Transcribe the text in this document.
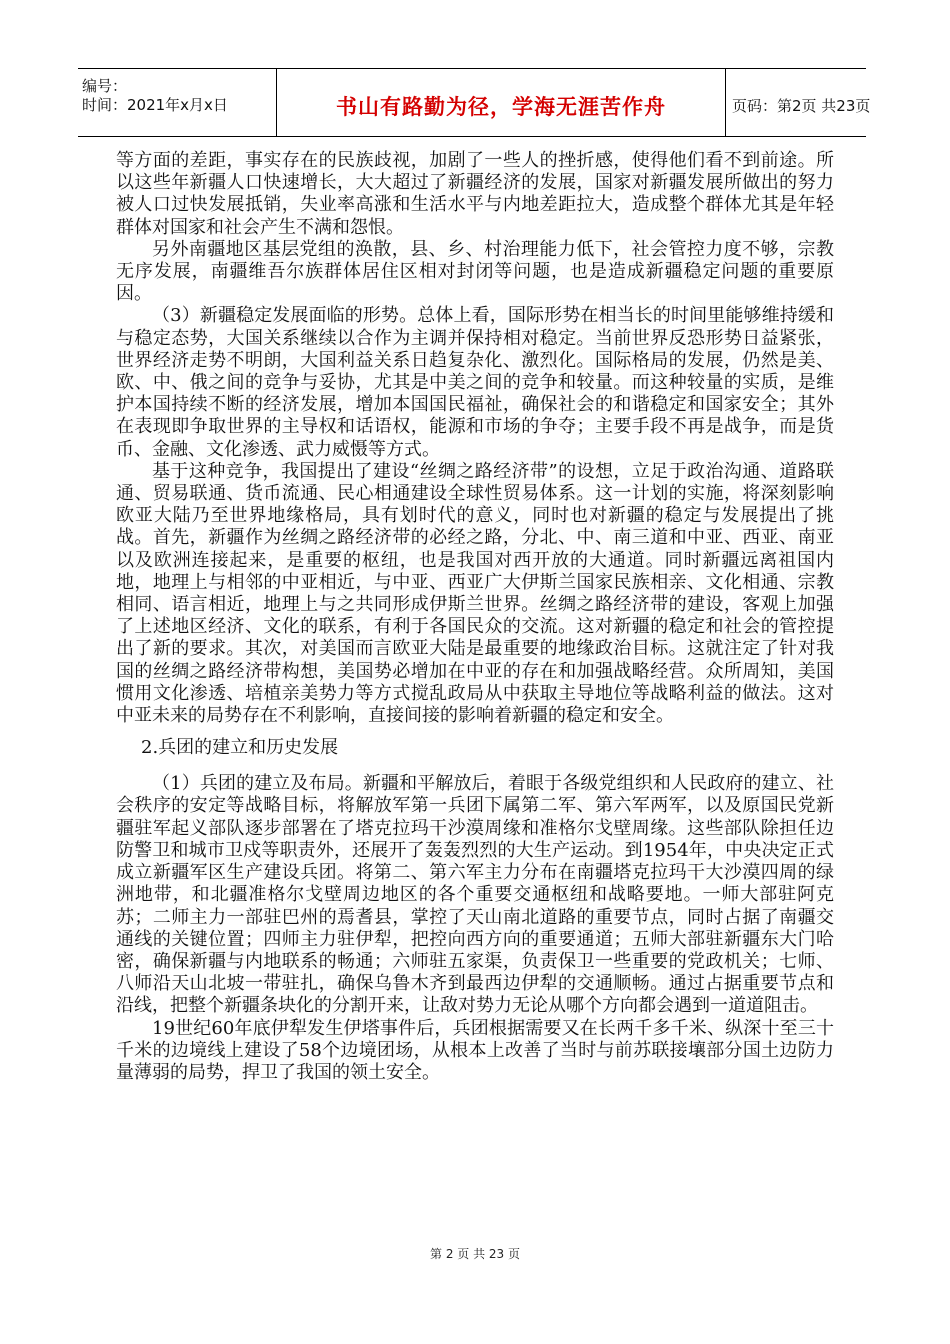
编号：
时间：2021年x月x日	书山有路勤为径，学海无涯苦作舟	页码：第2页 共23页

等方面的差距，事实存在的民族歧视，加剧了一些人的挫折感，使得他们看不到前途。所以这些年新疆人口快速增长，大大超过了新疆经济的发展，国家对新疆发展所做出的努力被人口过快发展抵销，失业率高涨和生活水平与内地差距拉大，造成整个群体尤其是年轻群体对国家和社会产生不满和怨恨。

另外南疆地区基层党组的涣散，县、乡、村治理能力低下，社会管控力度不够，宗教无序发展，南疆维吾尔族群体居住区相对封闭等问题，也是造成新疆稳定问题的重要原因。

（3）新疆稳定发展面临的形势。总体上看，国际形势在相当长的时间里能够维持缓和与稳定态势，大国关系继续以合作为主调并保持相对稳定。当前世界反恐形势日益紧张，世界经济走势不明朗，大国利益关系日趋复杂化、激烈化。国际格局的发展，仍然是美、欧、中、俄之间的竞争与妥协，尤其是中美之间的竞争和较量。而这种较量的实质，是维护本国持续不断的经济发展，增加本国国民福祉，确保社会的和谐稳定和国家安全；其外在表现即争取世界的主导权和话语权，能源和市场的争夺；主要手段不再是战争，而是货币、金融、文化渗透、武力威慑等方式。

基于这种竞争，我国提出了建设“丝绸之路经济带”的设想，立足于政治沟通、道路联通、贸易联通、货币流通、民心相通建设全球性贸易体系。这一计划的实施，将深刻影响欧亚大陆乃至世界地缘格局，具有划时代的意义，同时也对新疆的稳定与发展提出了挑战。首先，新疆作为丝绸之路经济带的必经之路，分北、中、南三道和中亚、西亚、南亚以及欧洲连接起来，是重要的枢纽，也是我国对西开放的大通道。同时新疆远离祖国内地，地理上与相邻的中亚相近，与中亚、西亚广大伊斯兰国家民族相亲、文化相通、宗教相同、语言相近，地理上与之共同形成伊斯兰世界。丝绸之路经济带的建设，客观上加强了上述地区经济、文化的联系，有利于各国民众的交流。这对新疆的稳定和社会的管控提出了新的要求。其次，对美国而言欧亚大陆是最重要的地缘政治目标。这就注定了针对我国的丝绸之路经济带构想，美国势必增加在中亚的存在和加强战略经营。众所周知，美国惯用文化渗透、培植亲美势力等方式搅乱政局从中获取主导地位等战略利益的做法。这对中亚未来的局势存在不利影响，直接间接的影响着新疆的稳定和安全。

2.兵团的建立和历史发展

（1）兵团的建立及布局。新疆和平解放后，着眼于各级党组织和人民政府的建立、社会秩序的安定等战略目标，将解放军第一兵团下属第二军、第六军两军，以及原国民党新疆驻军起义部队逐步部署在了塔克拉玛干沙漠周缘和准格尔戈壁周缘。这些部队除担任边防警卫和城市卫戍等职责外，还展开了轰轰烈烈的大生产运动。到1954年，中央决定正式成立新疆军区生产建设兵团。将第二、第六军主力分布在南疆塔克拉玛干大沙漠四周的绿洲地带，和北疆准格尔戈壁周边地区的各个重要交通枢纽和战略要地。一师大部驻阿克苏；二师主力一部驻巴州的焉耆县，掌控了天山南北道路的重要节点，同时占据了南疆交通线的关键位置；四师主力驻伊犁，把控向西方向的重要通道；五师大部驻新疆东大门哈密，确保新疆与内地联系的畅通；六师驻五家渠，负责保卫一些重要的党政机关；七师、八师沿天山北坡一带驻扎，确保乌鲁木齐到最西边伊犁的交通顺畅。通过占据重要节点和沿线，把整个新疆条块化的分割开来，让敌对势力无论从哪个方向都会遇到一道道阻击。

19世纪60年底伊犁发生伊塔事件后，兵团根据需要又在长两千多千米、纵深十至三十千米的边境线上建设了58个边境团场，从根本上改善了当时与前苏联接壤部分国土边防力量薄弱的局势，捍卫了我国的领土安全。

第 2 页 共 23 页
